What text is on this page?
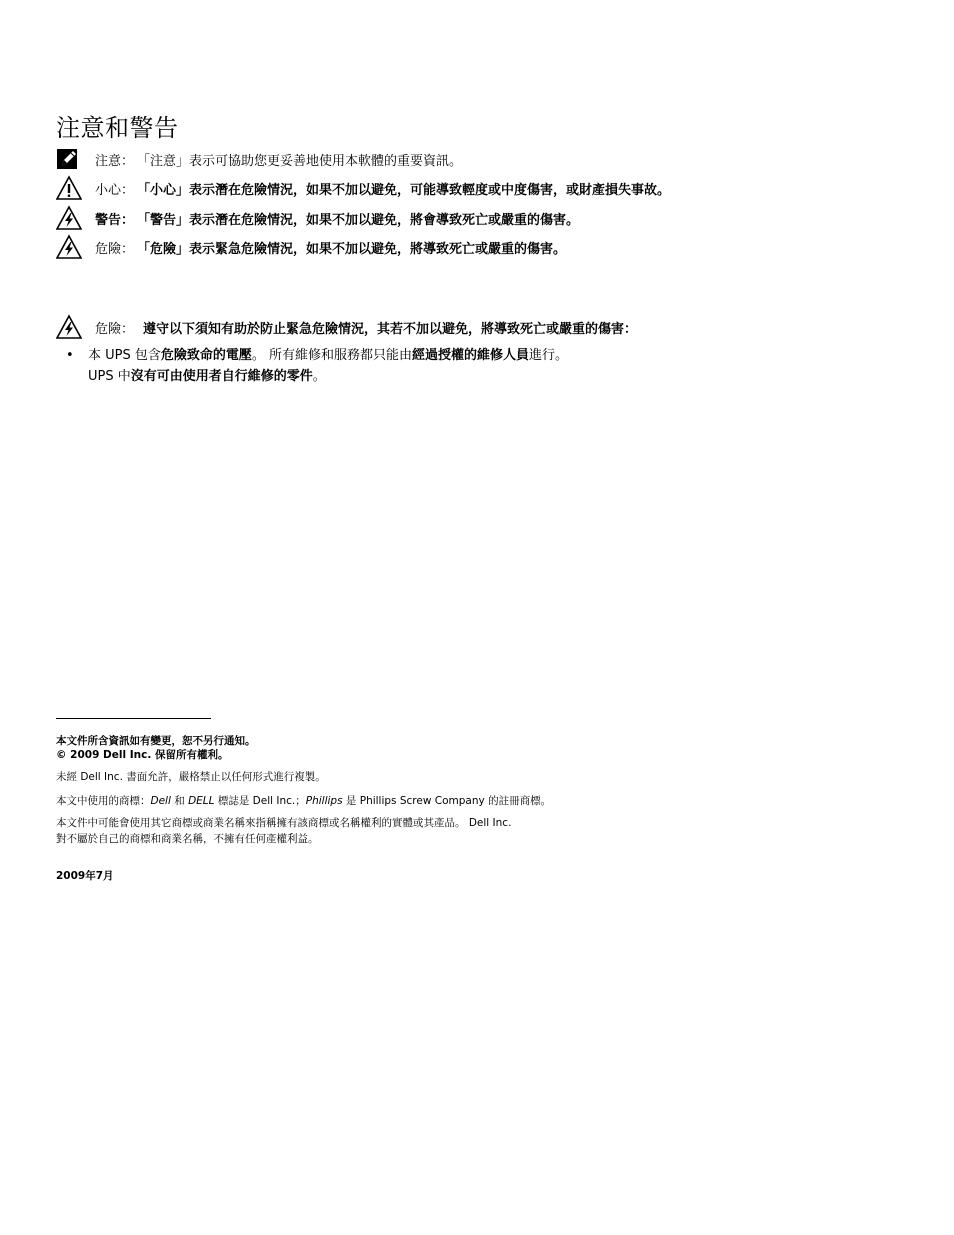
注意和警告
注意： 「注意」表示可協助您更妥善地使用本軟體的重要資訊。
小心： 「小心」表示潛在危險情況，如果不加以避免，可能導致輕度或中度傷害，或財產損失事故。
警告： 「警告」表示潛在危險情況，如果不加以避免，將會導致死亡或嚴重的傷害。
危險： 「危險」表示緊急危險情況，如果不加以避免，將導致死亡或嚴重的傷害。
危險： 遵守以下須知有助於防止緊急危險情況，其若不加以避免，將導致死亡或嚴重的傷害：
• 本 UPS 包含危險致命的電壓。 所有維修和服務都只能由經過授權的維修人員進行。
UPS 中沒有可由使用者自行維修的零件。
本文件所含資訊如有變更，恕不另行通知。
© 2009 Dell Inc. 保留所有權利。
未經 Dell Inc. 書面允許，嚴格禁止以任何形式進行複製。
本文中使用的商標：Dell 和 DELL 標誌是 Dell Inc.；Phillips 是 Phillips Screw Company 的註冊商標。
本文件中可能會使用其它商標或商業名稱來指稱擁有該商標或名稱權利的實體或其產品。 Dell Inc.
對不屬於自己的商標和商業名稱，不擁有任何產權利益。
2009年7月
